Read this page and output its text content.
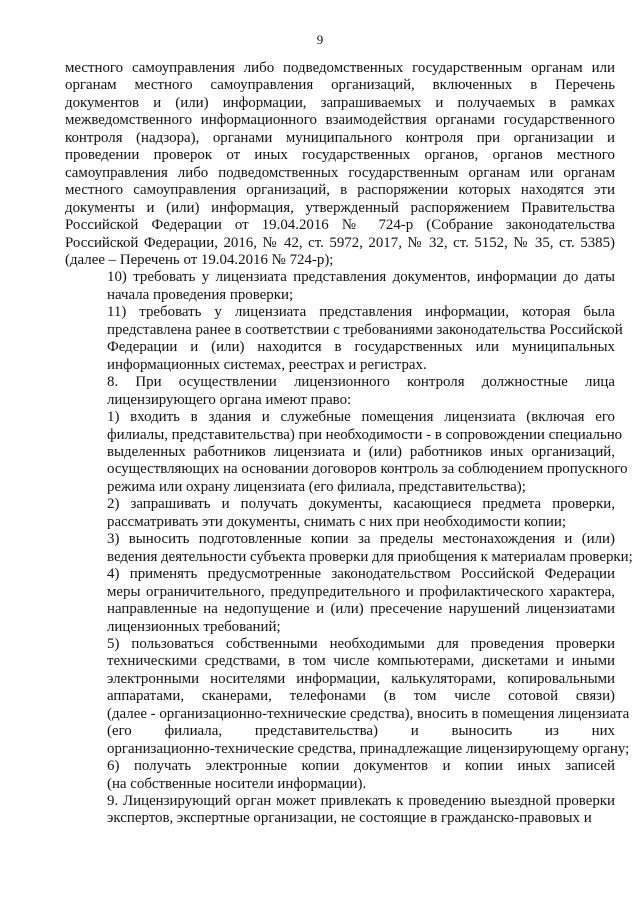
9

местного самоуправления либо подведомственных государственным органам или
органам местного самоуправления организаций, включенных в Перечень
документов и (или) информации, запрашиваемых и получаемых в рамках
межведомственного информационного взаимодействия органами государственного
контроля (надзора), органами муниципального контроля при организации и
проведении проверок от иных государственных органов, органов местного
самоуправления либо подведомственных государственным органам или органам
местного самоуправления организаций, в распоряжении которых находятся эти
документы и (или) информация, утвержденный распоряжением Правительства
Российской Федерации от 19.04.2016 № 724-р (Собрание законодательства
Российской Федерации, 2016, № 42, ст. 5972, 2017, № 32, ст. 5152, № 35, ст. 5385)
(далее – Перечень от 19.04.2016 № 724-р);

10) требовать у лицензиата представления документов, информации до даты
начала проведения проверки;

11) требовать у лицензиата представления информации, которая была
представлена ранее в соответствии с требованиями законодательства Российской
Федерации и (или) находится в государственных или муниципальных
информационных системах, реестрах и регистрах.

8. При осуществлении лицензионного контроля должностные лица
лицензирующего органа имеют право:

1) входить в здания и служебные помещения лицензиата (включая его
филиалы, представительства) при необходимости - в сопровождении специально
выделенных работников лицензиата и (или) работников иных организаций,
осуществляющих на основании договоров контроль за соблюдением пропускного
режима или охрану лицензиата (его филиала, представительства);

2) запрашивать и получать документы, касающиеся предмета проверки,
рассматривать эти документы, снимать с них при необходимости копии;

3) выносить подготовленные копии за пределы местонахождения и (или)
ведения деятельности субъекта проверки для приобщения к материалам проверки;

4) применять предусмотренные законодательством Российской Федерации
меры ограничительного, предупредительного и профилактического характера,
направленные на недопущение и (или) пресечение нарушений лицензиатами
лицензионных требований;

5) пользоваться собственными необходимыми для проведения проверки
техническими средствами, в том числе компьютерами, дискетами и иными
электронными носителями информации, калькуляторами, копировальными
аппаратами, сканерами, телефонами (в том числе сотовой связи)
(далее - организационно-технические средства), вносить в помещения лицензиата
(его филиала, представительства) и выносить из них
организационно-технические средства, принадлежащие лицензирующему органу;

6) получать электронные копии документов и копии иных записей
(на собственные носители информации).

9. Лицензирующий орган может привлекать к проведению выездной проверки
экспертов, экспертные организации, не состоящие в гражданско-правовых и
